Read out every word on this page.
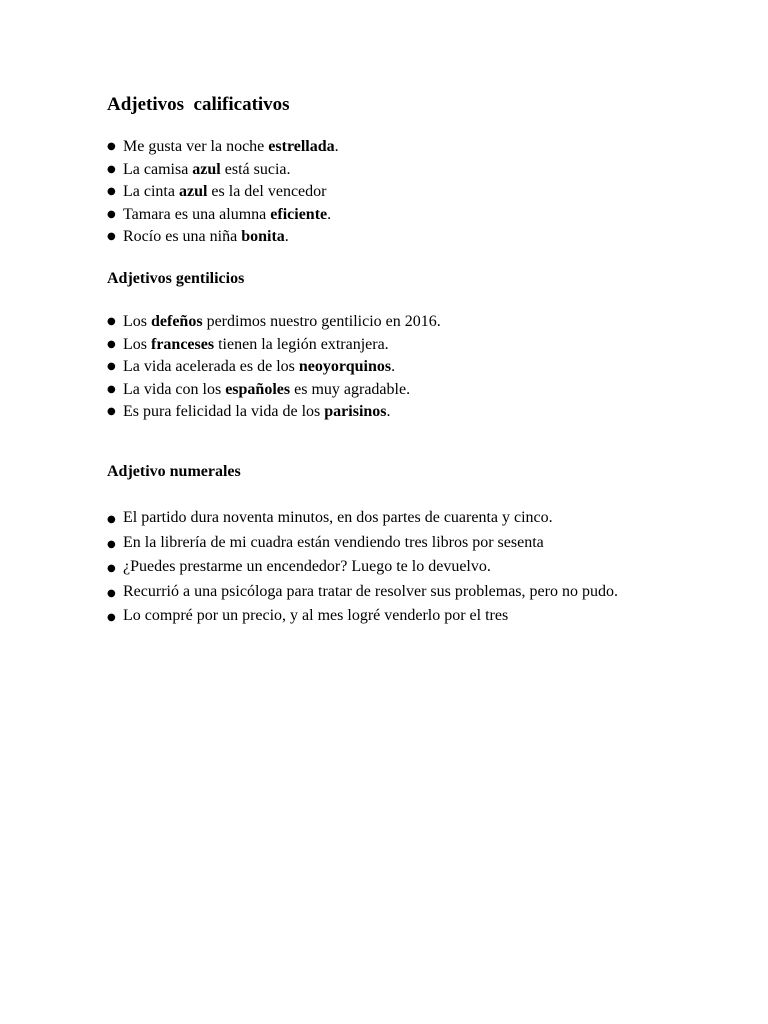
Adjetivos  calificativos
● Me gusta ver la noche estrellada.
● La camisa azul está sucia.
● La cinta azul es la del vencedor
● Tamara es una alumna eficiente.
● Rocío es una niña bonita.
Adjetivos gentilicios
● Los defeños perdimos nuestro gentilicio en 2016.
● Los franceses tienen la legión extranjera.
● La vida acelerada es de los neoyorquinos.
● La vida con los españoles es muy agradable.
● Es pura felicidad la vida de los parisinos.
Adjetivo numerales
● El partido dura noventa minutos, en dos partes de cuarenta y cinco.
● En la librería de mi cuadra están vendiendo tres libros por sesenta
● ¿Puedes prestarme un encendedor? Luego te lo devuelvo.
● Recurrió a una psicóloga para tratar de resolver sus problemas, pero no pudo.
● Lo compré por un precio, y al mes logré venderlo por el tres
